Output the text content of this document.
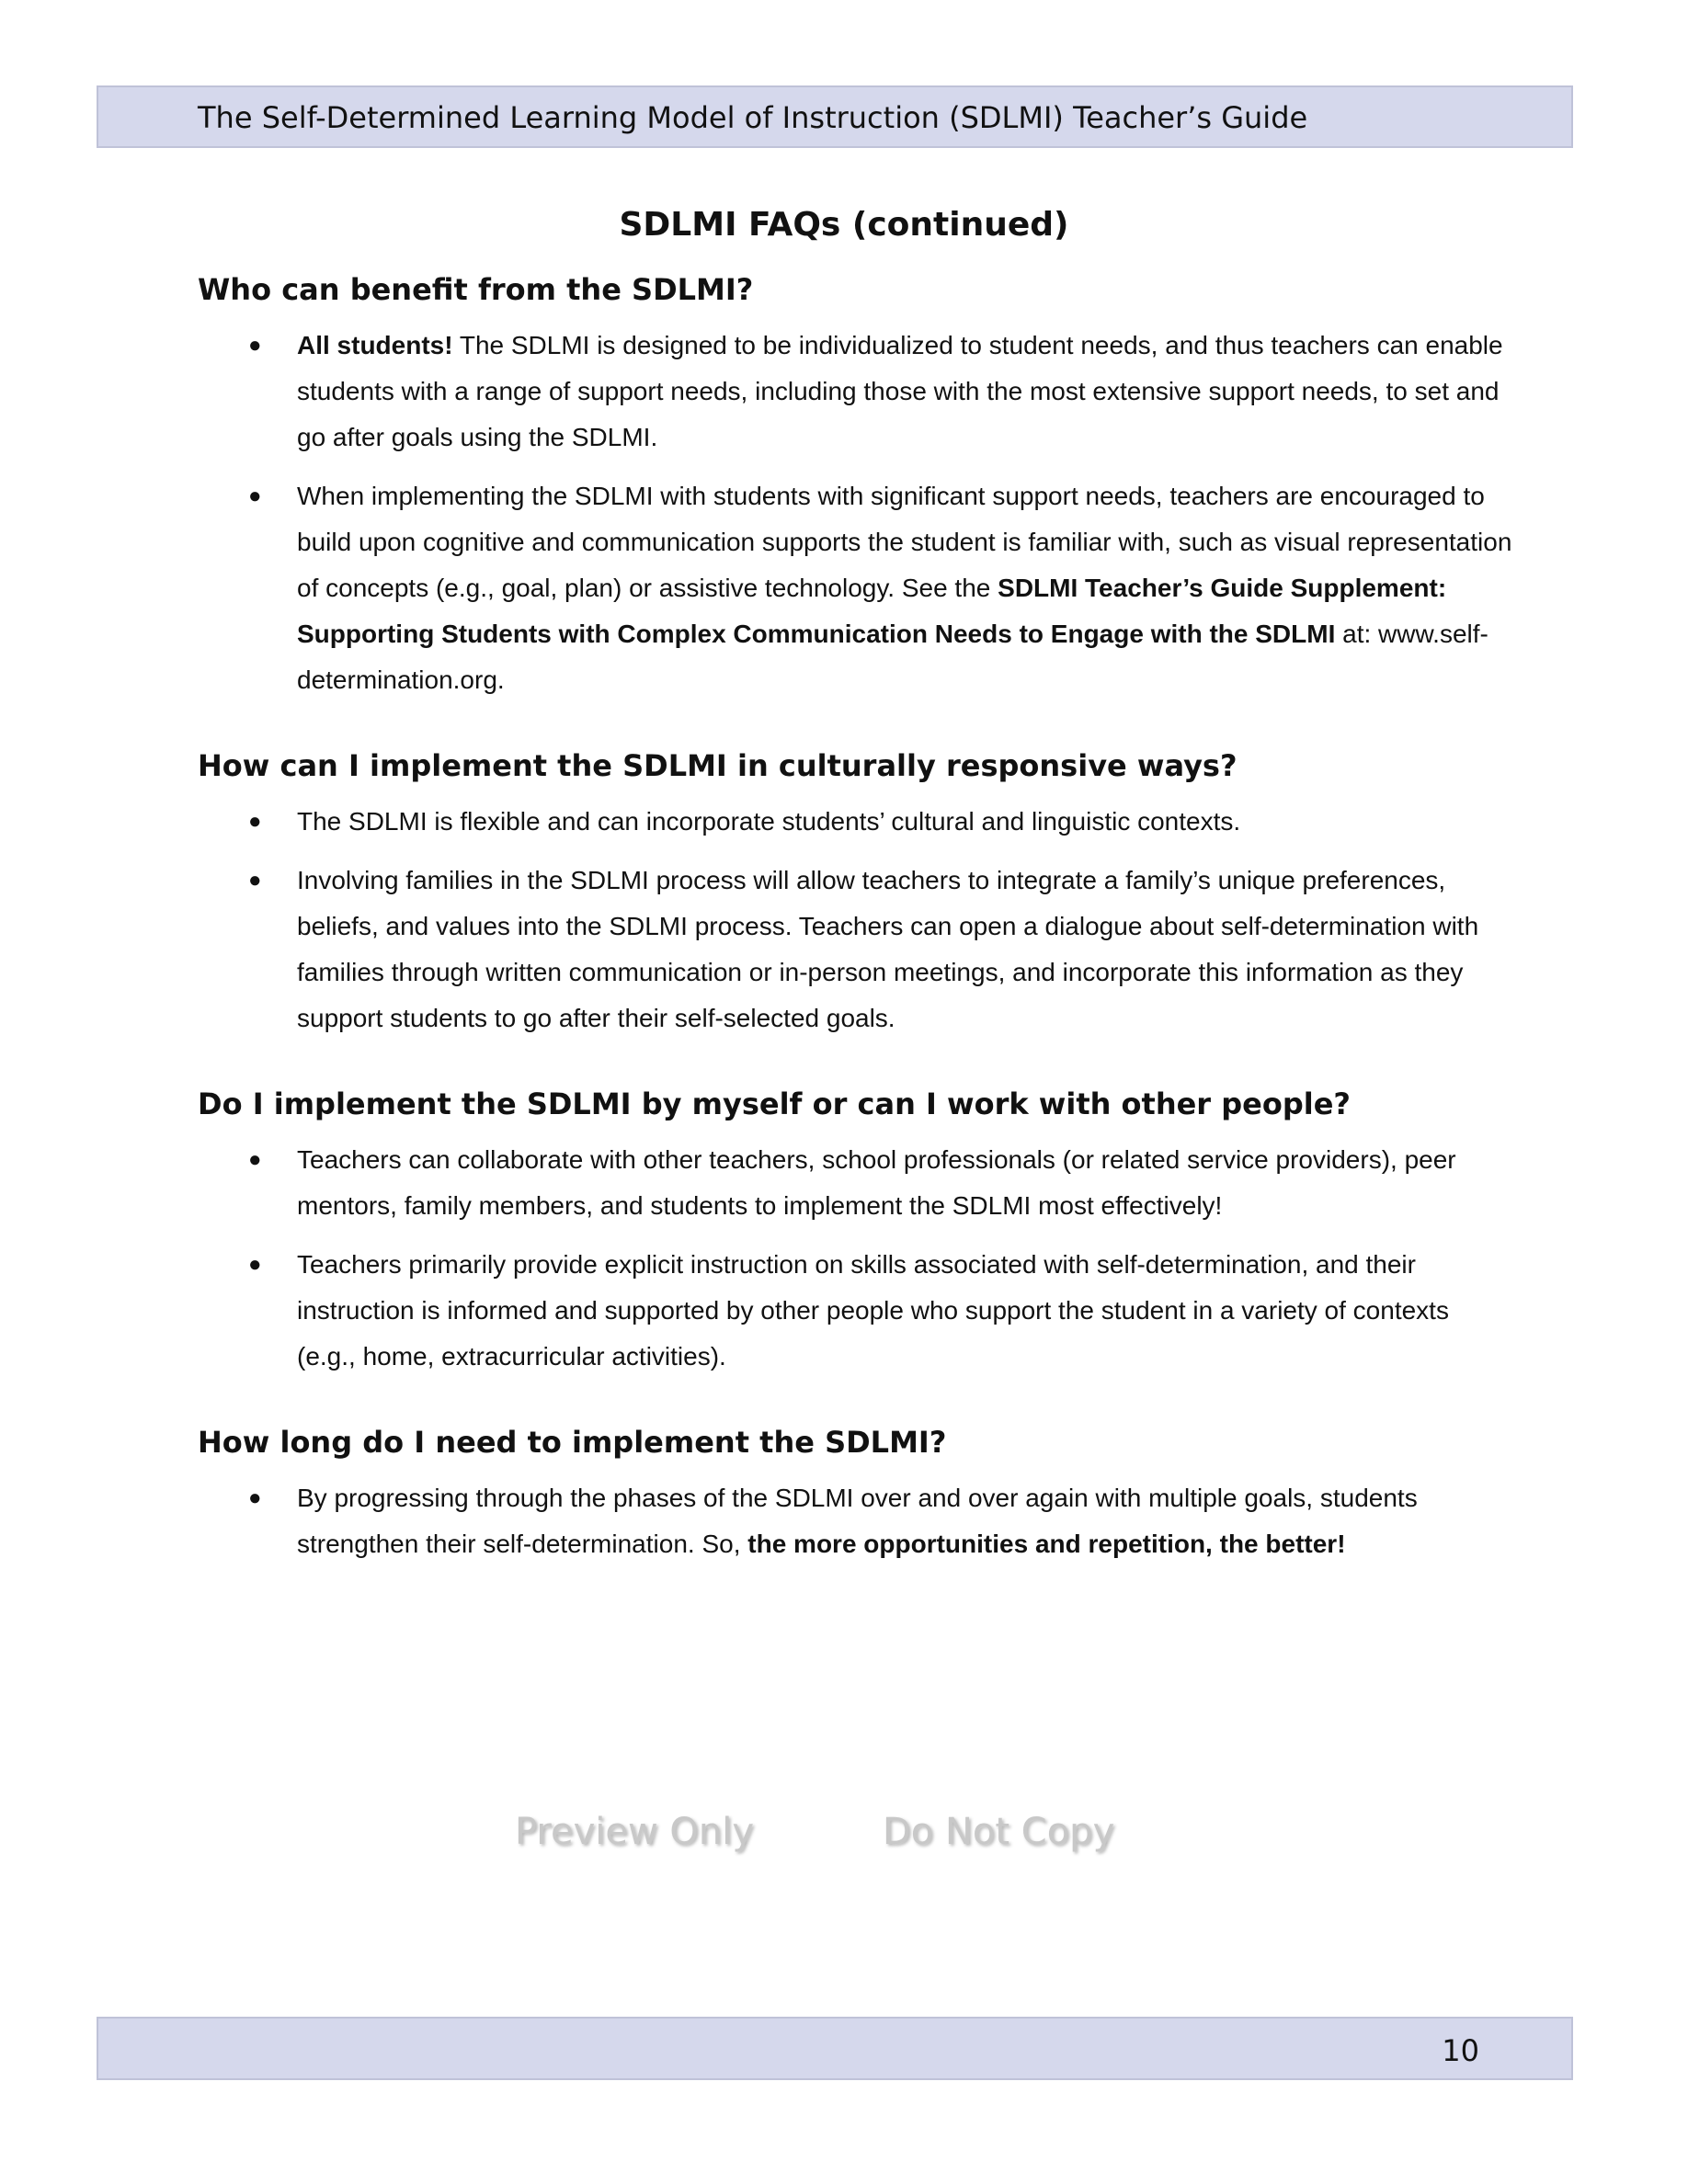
The Self-Determined Learning Model of Instruction (SDLMI) Teacher’s Guide
SDLMI FAQs (continued)
Who can benefit from the SDLMI?
● All students! The SDLMI is designed to be individualized to student needs, and thus teachers can enable students with a range of support needs, including those with the most extensive support needs, to set and go after goals using the SDLMI.
● When implementing the SDLMI with students with significant support needs, teachers are encouraged to build upon cognitive and communication supports the student is familiar with, such as visual representation of concepts (e.g., goal, plan) or assistive technology. See the SDLMI Teacher’s Guide Supplement: Supporting Students with Complex Communication Needs to Engage with the SDLMI at: www.self-determination.org.
How can I implement the SDLMI in culturally responsive ways?
● The SDLMI is flexible and can incorporate students’ cultural and linguistic contexts.
● Involving families in the SDLMI process will allow teachers to integrate a family’s unique preferences, beliefs, and values into the SDLMI process. Teachers can open a dialogue about self-determination with families through written communication or in-person meetings, and incorporate this information as they support students to go after their self-selected goals.
Do I implement the SDLMI by myself or can I work with other people?
● Teachers can collaborate with other teachers, school professionals (or related service providers), peer mentors, family members, and students to implement the SDLMI most effectively!
● Teachers primarily provide explicit instruction on skills associated with self-determination, and their instruction is informed and supported by other people who support the student in a variety of contexts (e.g., home, extracurricular activities).
How long do I need to implement the SDLMI?
● By progressing through the phases of the SDLMI over and over again with multiple goals, students strengthen their self-determination. So, the more opportunities and repetition, the better!
Preview Only	Do Not Copy
10
